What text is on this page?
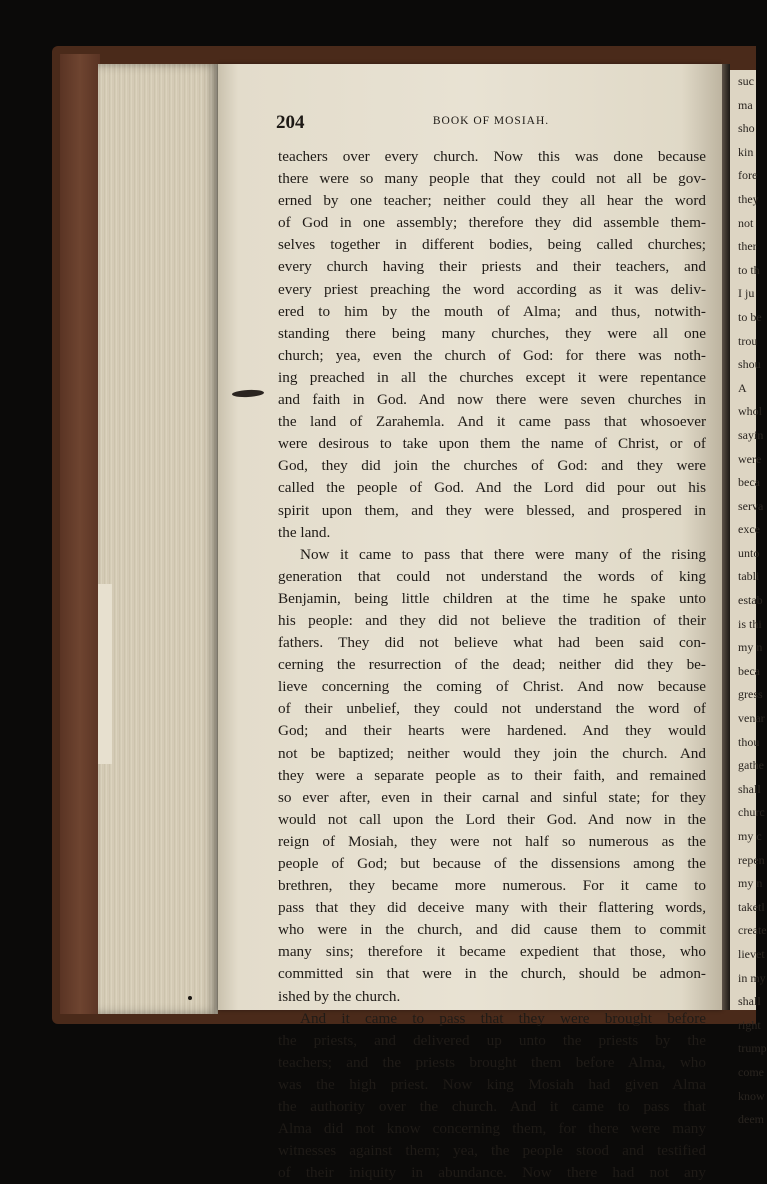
suc
ma
sho
kin
fore
they
not
ther
to th
I ju
to be
trou
shou
A
whol
sayin
were
beca
serva
exce
unto
tabli
estab
is thi
my n
beca
gress
venar
thou
gathe
shall
churc
my c
repen
my n
taketl
create
lievet
in my
shall
right
trump
come
know
deem
204	BOOK OF MOSIAH.
teachers over every church. Now this was done because
there were so many people that they could not all be gov-
erned by one teacher; neither could they all hear the word
of God in one assembly; therefore they did assemble them-
selves together in different bodies, being called churches;
every church having their priests and their teachers, and
every priest preaching the word according as it was deliv-
ered to him by the mouth of Alma; and thus, notwith-
standing there being many churches, they were all one
church; yea, even the church of God: for there was noth-
ing preached in all the churches except it were repentance
and faith in God. And now there were seven churches in
the land of Zarahemla. And it came pass that whosoever
were desirous to take upon them the name of Christ, or of
God, they did join the churches of God: and they were
called the people of God. And the Lord did pour out his
spirit upon them, and they were blessed, and prospered in
the land.
Now it came to pass that there were many of the rising
generation that could not understand the words of king
Benjamin, being little children at the time he spake unto
his people: and they did not believe the tradition of their
fathers. They did not believe what had been said con-
cerning the resurrection of the dead; neither did they be-
lieve concerning the coming of Christ. And now because
of their unbelief, they could not understand the word of
God; and their hearts were hardened. And they would
not be baptized; neither would they join the church. And
they were a separate people as to their faith, and remained
so ever after, even in their carnal and sinful state; for they
would not call upon the Lord their God. And now in the
reign of Mosiah, they were not half so numerous as the
people of God; but because of the dissensions among the
brethren, they became more numerous. For it came to
pass that they did deceive many with their flattering words,
who were in the church, and did cause them to commit
many sins; therefore it became expedient that those, who
committed sin that were in the church, should be admon-
ished by the church.
And it came to pass that they were brought before
the priests, and delivered up unto the priests by the
teachers; and the priests brought them before Alma, who
was the high priest. Now king Mosiah had given Alma
the authority over the church. And it came to pass that
Alma did not know concerning them, for there were many
witnesses against them; yea, the people stood and testified
of their iniquity in abundance. Now there had not any
